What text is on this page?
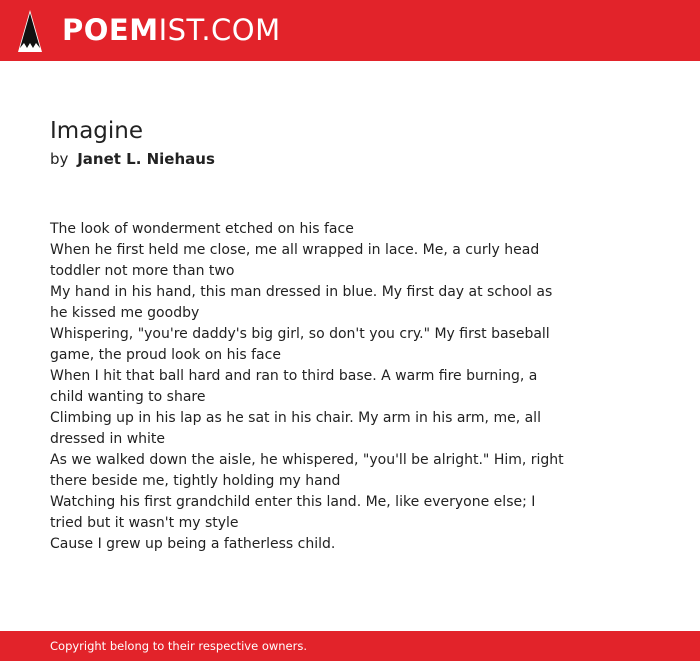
POEMIST.COM
Imagine
by Janet L. Niehaus
The look of wonderment etched on his face
When he first held me close, me all wrapped in lace. Me, a curly head toddler not more than two
My hand in his hand, this man dressed in blue. My first day at school as he kissed me goodby
Whispering, "you're daddy's big girl, so don't you cry." My first baseball game, the proud look on his face
When I hit that ball hard and ran to third base. A warm fire burning, a child wanting to share
Climbing up in his lap as he sat in his chair. My arm in his arm, me, all dressed in white
As we walked down the aisle, he whispered, "you'll be alright." Him, right there beside me, tightly holding my hand
Watching his first grandchild enter this land. Me, like everyone else; I tried but it wasn't my style
Cause I grew up being a fatherless child.
Copyright belong to their respective owners.
